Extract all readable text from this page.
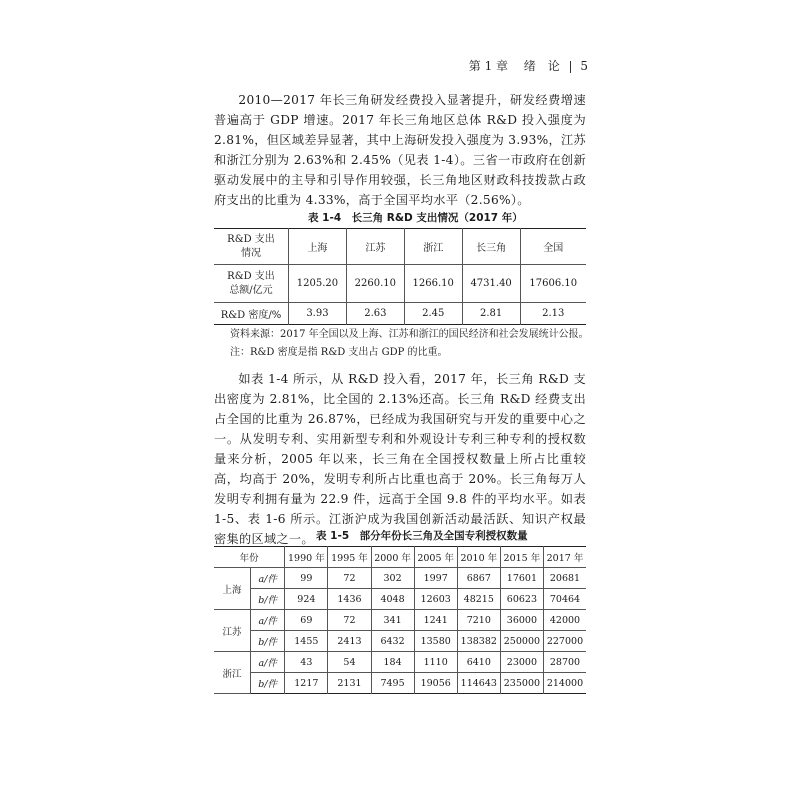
第 1 章 绪　论 5

2010—2017 年长三角研发经费投入显著提升，研发经费增速普遍高于 GDP 增速。2017 年长三角地区总体 R&D 投入强度为 2.81%，但区域差异显著，其中上海研发投入强度为 3.93%，江苏和浙江分别为 2.63%和 2.45%（见表 1-4）。三省一市政府在创新驱动发展中的主导和引导作用较强，长三角地区财政科技拨款占政府支出的比重为 4.33%，高于全国平均水平（2.56%）。

表 1-4　长三角 R&D 支出情况（2017 年）
R&D 支出
情况	上海	江苏	浙江	长三角	全国

R&D 支出
总额/亿元	1205.20	2260.10	1266.10	4731.40	17606.10
R&D 密度/%	3.93	2.63	2.45	2.81	2.13
资料来源：2017 年全国以及上海、江苏和浙江的国民经济和社会发展统计公报。
注：R&D 密度是指 R&D 支出占 GDP 的比重。

如表 1-4 所示，从 R&D 投入看，2017 年，长三角 R&D 支出密度为 2.81%，比全国的 2.13%还高。长三角 R&D 经费支出占全国的比重为 26.87%，已经成为我国研究与开发的重要中心之一。从发明专利、实用新型专利和外观设计专利三种专利的授权数量来分析，2005 年以来，长三角在全国授权数量上所占比重较高，均高于 20%，发明专利所占比重也高于 20%。长三角每万人发明专利拥有量为 22.9 件，远高于全国 9.8 件的平均水平。如表 1-5、表 1-6 所示。江浙沪成为我国创新活动最活跃、知识产权最密集的区域之一。 表 1-5　部分年份长三角及全国专利授权数量
年份		1990 年	1995 年	2000 年	2005 年	2010 年	2015 年	2017 年
上海	a/件	99	72	302	1997	6867	17601	20681
	b/件	924	1436	4048	12603	48215	60623	70464
江苏	a/件	69	72	341	1241	7210	36000	42000
	b/件	1455	2413	6432	13580	138382	250000	227000
浙江	a/件	43	54	184	1110	6410	23000	28700
	b/件	1217	2131	7495	19056	114643	235000	214000
